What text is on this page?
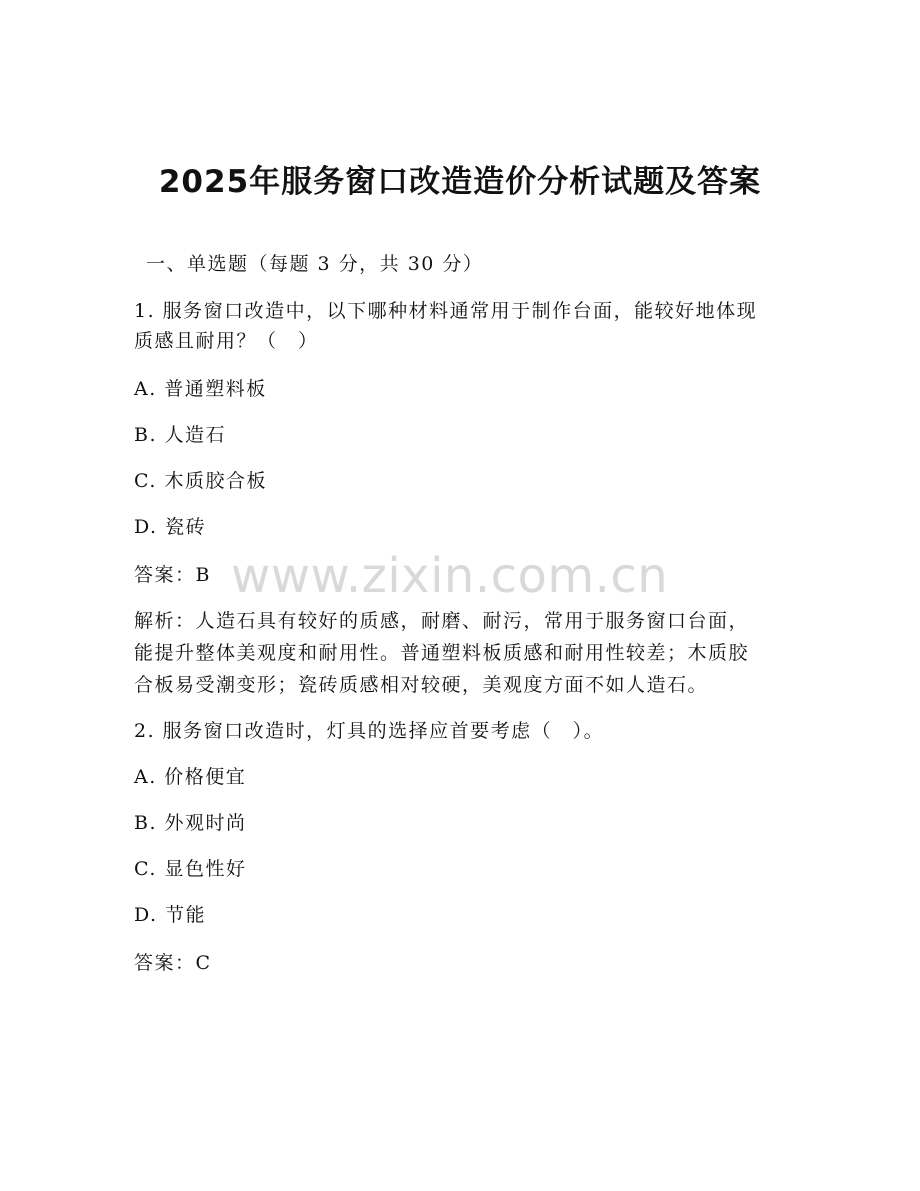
2025年服务窗口改造造价分析试题及答案
一、单选题（每题 3 分，共 30 分）
1. 服务窗口改造中，以下哪种材料通常用于制作台面，能较好地体现
质感且耐用？（　）
A. 普通塑料板
B. 人造石
C. 木质胶合板
D. 瓷砖
答案：B
解析：人造石具有较好的质感，耐磨、耐污，常用于服务窗口台面，
能提升整体美观度和耐用性。普通塑料板质感和耐用性较差；木质胶
合板易受潮变形；瓷砖质感相对较硬，美观度方面不如人造石。
2. 服务窗口改造时，灯具的选择应首要考虑（　）。
A. 价格便宜
B. 外观时尚
C. 显色性好
D. 节能
答案：C
www.zixin.com.cn
